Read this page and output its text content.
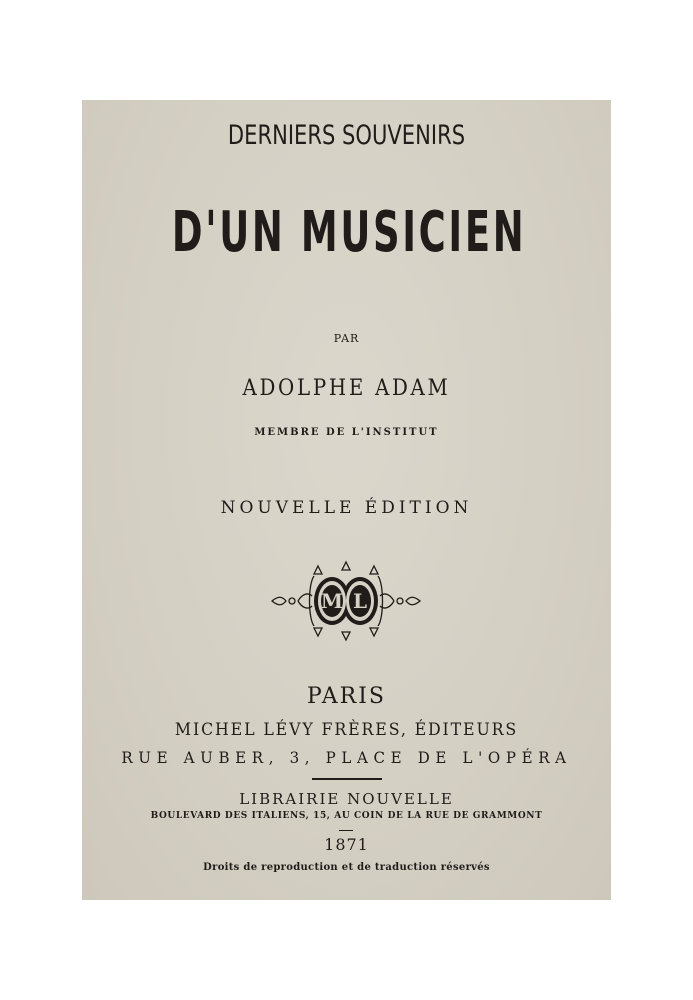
DERNIERS SOUVENIRS
D'UN MUSICIEN
PAR
ADOLPHE ADAM
MEMBRE DE L'INSTITUT
NOUVELLE ÉDITION
M L
PARIS
MICHEL LÉVY FRÈRES, ÉDITEURS
RUE AUBER, 3, PLACE DE L'OPÉRA
LIBRAIRIE NOUVELLE
BOULEVARD DES ITALIENS, 15, AU COIN DE LA RUE DE GRAMMONT
1871
Droits de reproduction et de traduction réservés
